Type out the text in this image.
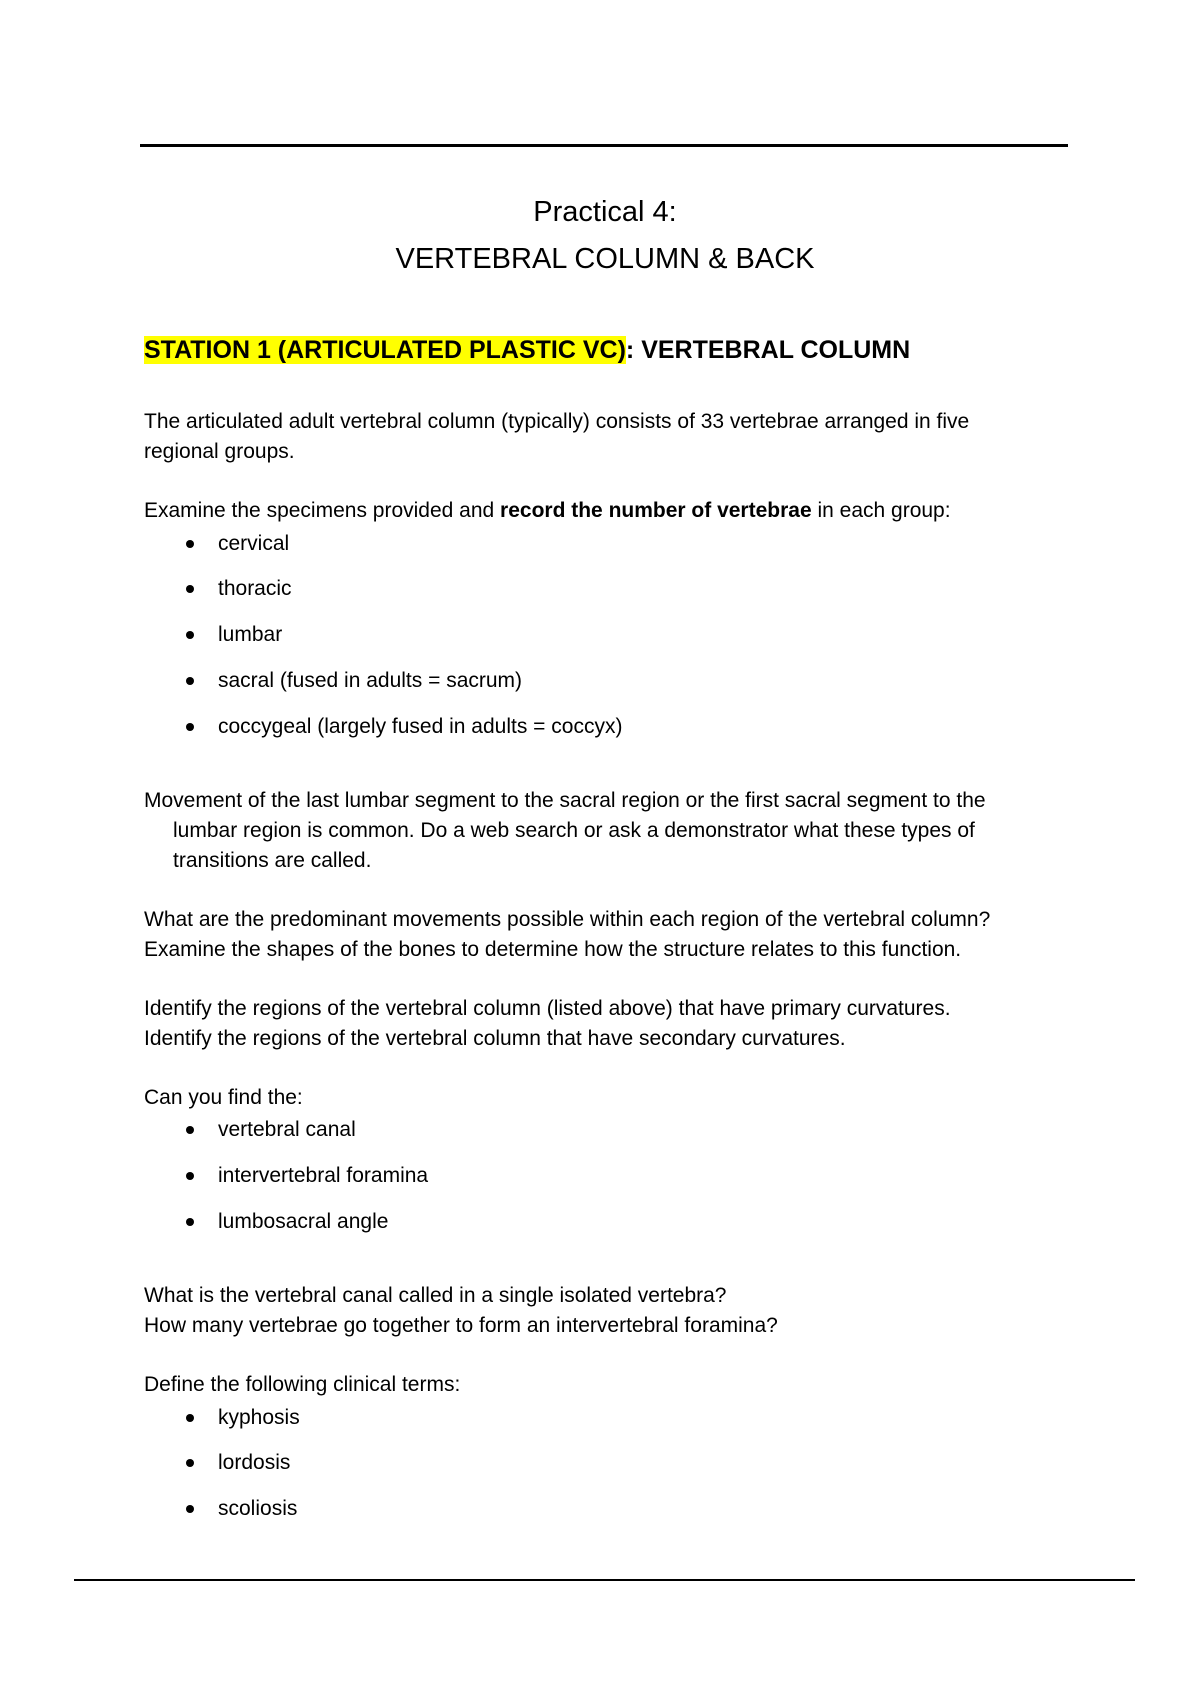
Practical 4:
VERTEBRAL COLUMN & BACK
STATION 1 (ARTICULATED PLASTIC VC): VERTEBRAL COLUMN
The articulated adult vertebral column (typically) consists of 33 vertebrae arranged in five
regional groups.
Examine the specimens provided and record the number of vertebrae in each group:
cervical
thoracic
lumbar
sacral (fused in adults = sacrum)
coccygeal (largely fused in adults = coccyx)
Movement of the last lumbar segment to the sacral region or the first sacral segment to the
lumbar region is common. Do a web search or ask a demonstrator what these types of
transitions are called.
What are the predominant movements possible within each region of the vertebral column?
Examine the shapes of the bones to determine how the structure relates to this function.
Identify the regions of the vertebral column (listed above) that have primary curvatures.
Identify the regions of the vertebral column that have secondary curvatures.
Can you find the:
vertebral canal
intervertebral foramina
lumbosacral angle
What is the vertebral canal called in a single isolated vertebra?
How many vertebrae go together to form an intervertebral foramina?
Define the following clinical terms:
kyphosis
lordosis
scoliosis
